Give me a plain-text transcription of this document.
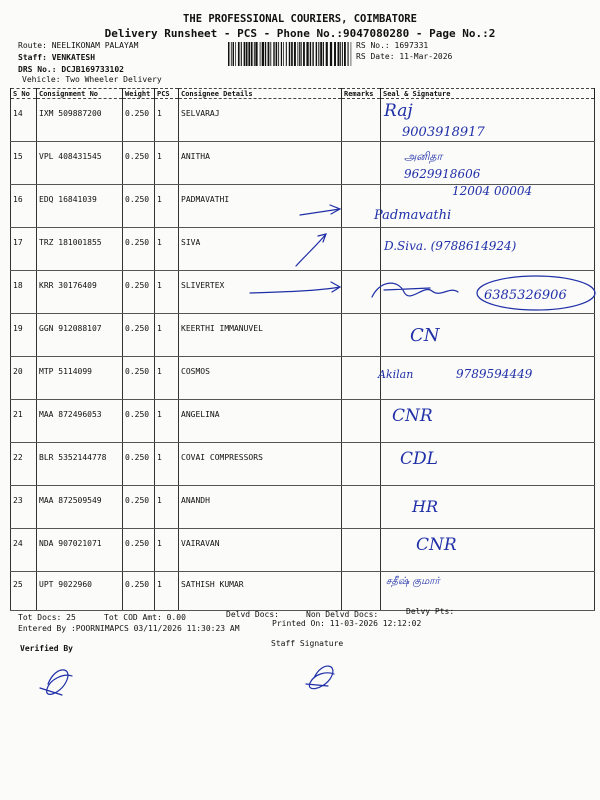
THE PROFESSIONAL COURIERS, COIMBATORE
Delivery Runsheet - PCS - Phone No.:9047080280 - Page No.:2
Route: NEELIKONAM PALAYAM
Staff: VENKATESH
DRS No.: DCJB169733102
Vehicle: Two Wheeler Delivery
RS No.: 1697331
RS Date: 11-Mar-2026
S No	Consignment No	Weight	PCS	Consignee Details	Remarks	Seal & Signature

14	IXM 509887200	0.250	1	SELVARAJ		

15	VPL 408431545	0.250	1	ANITHA		

16	EDQ 16841039	0.250	1	PADMAVATHI		

17	TRZ 181001855	0.250	1	SIVA		

18	KRR 30176409	0.250	1	SLIVERTEX		

19	GGN 912088107	0.250	1	KEERTHI IMMANUVEL		

20	MTP 5114099	0.250	1	COSMOS		

21	MAA 872496053	0.250	1	ANGELINA		

22	BLR 5352144778	0.250	1	COVAI COMPRESSORS		

23	MAA 872509549	0.250	1	ANANDH		

24	NDA 907021071	0.250	1	VAIRAVAN		

25	UPT 9022960	0.250	1	SATHISH KUMAR		

Tot Docs: 25	Tot COD Amt: 0.00	Delvd Docs:	Non Delvd Docs:	Delvy Pts:
Entered By :POORNIMAPCS 03/11/2026 11:30:23 AM
Printed On: 11-03-2026 12:12:02
Verified By
Staff Signature
Raj
9003918917
அனிதா
9629918606
12004 00004
Padmavathi
D.Siva. (9788614924)
6385326906
CN
Akilan	9789594449
CNR
CDL
HR
CNR
சதீஷ் குமார்
